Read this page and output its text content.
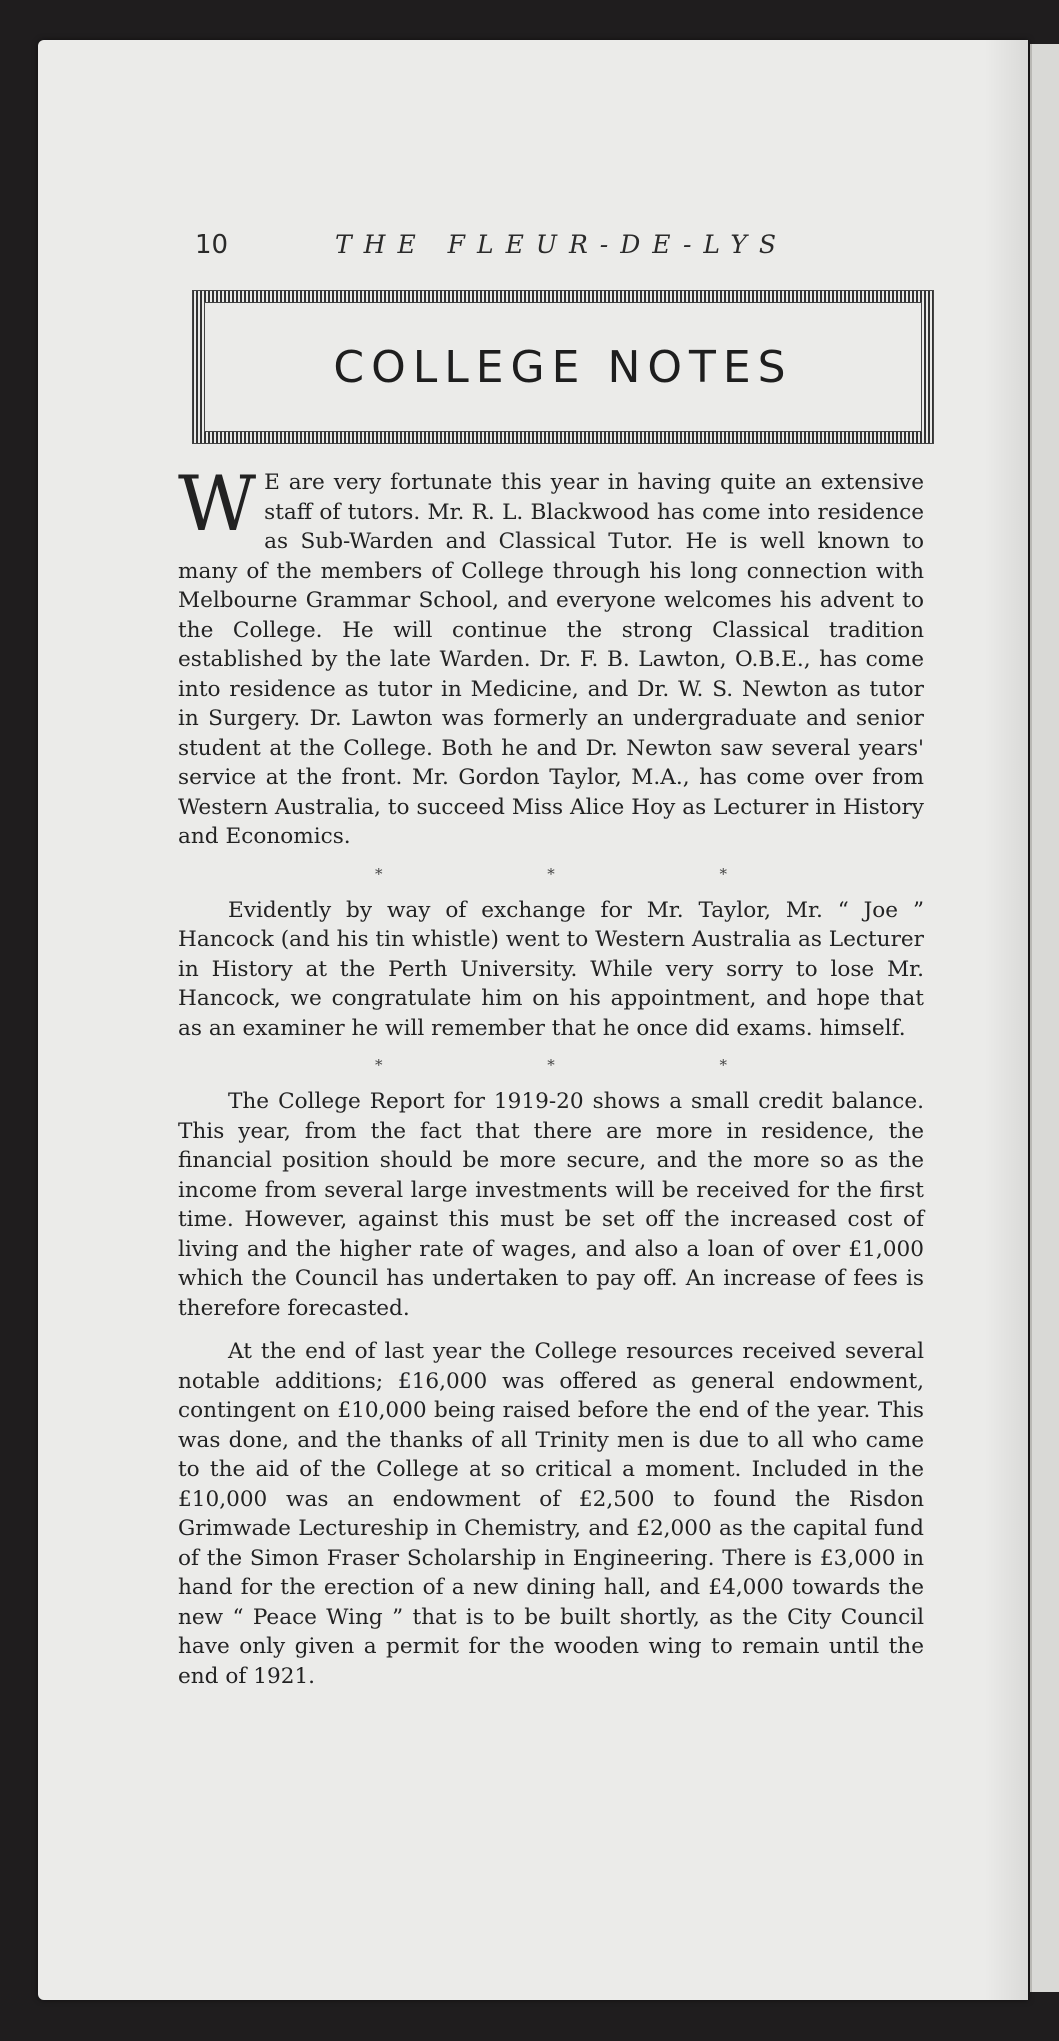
10	THE FLEUR-DE-LYS
COLLEGE NOTES

W E are very fortunate this year in having quite an extensive staff of tutors. Mr. R. L. Blackwood has come into residence as Sub-Warden and Classical Tutor. He is well known to many of the members of College through his long connection with Melbourne Grammar School, and everyone welcomes his advent to the College. He will continue the strong Classical tradition established by the late Warden. Dr. F. B. Lawton, O.B.E., has come into residence as tutor in Medicine, and Dr. W. S. Newton as tutor in Surgery. Dr. Lawton was formerly an undergraduate and senior student at the College. Both he and Dr. Newton saw several years' service at the front. Mr. Gordon Taylor, M.A., has come over from Western Australia, to succeed Miss Alice Hoy as Lecturer in History and Economics.

* * *

Evidently by way of exchange for Mr. Taylor, Mr. “ Joe ” Hancock (and his tin whistle) went to Western Australia as Lecturer in History at the Perth University. While very sorry to lose Mr. Hancock, we congratulate him on his appointment, and hope that as an examiner he will remember that he once did exams. himself.

* * *

The College Report for 1919-20 shows a small credit balance. This year, from the fact that there are more in residence, the financial position should be more secure, and the more so as the income from several large investments will be received for the first time. However, against this must be set off the increased cost of living and the higher rate of wages, and also a loan of over £1,000 which the Council has undertaken to pay off. An increase of fees is therefore forecasted.

At the end of last year the College resources received several notable additions; £16,000 was offered as general endowment, contingent on £10,000 being raised before the end of the year. This was done, and the thanks of all Trinity men is due to all who came to the aid of the College at so critical a moment. Included in the £10,000 was an endowment of £2,500 to found the Risdon Grimwade Lectureship in Chemistry, and £2,000 as the capital fund of the Simon Fraser Scholarship in Engineering. There is £3,000 in hand for the erection of a new dining hall, and £4,000 towards the new “ Peace Wing ” that is to be built shortly, as the City Council have only given a permit for the wooden wing to remain until the end of 1921.
